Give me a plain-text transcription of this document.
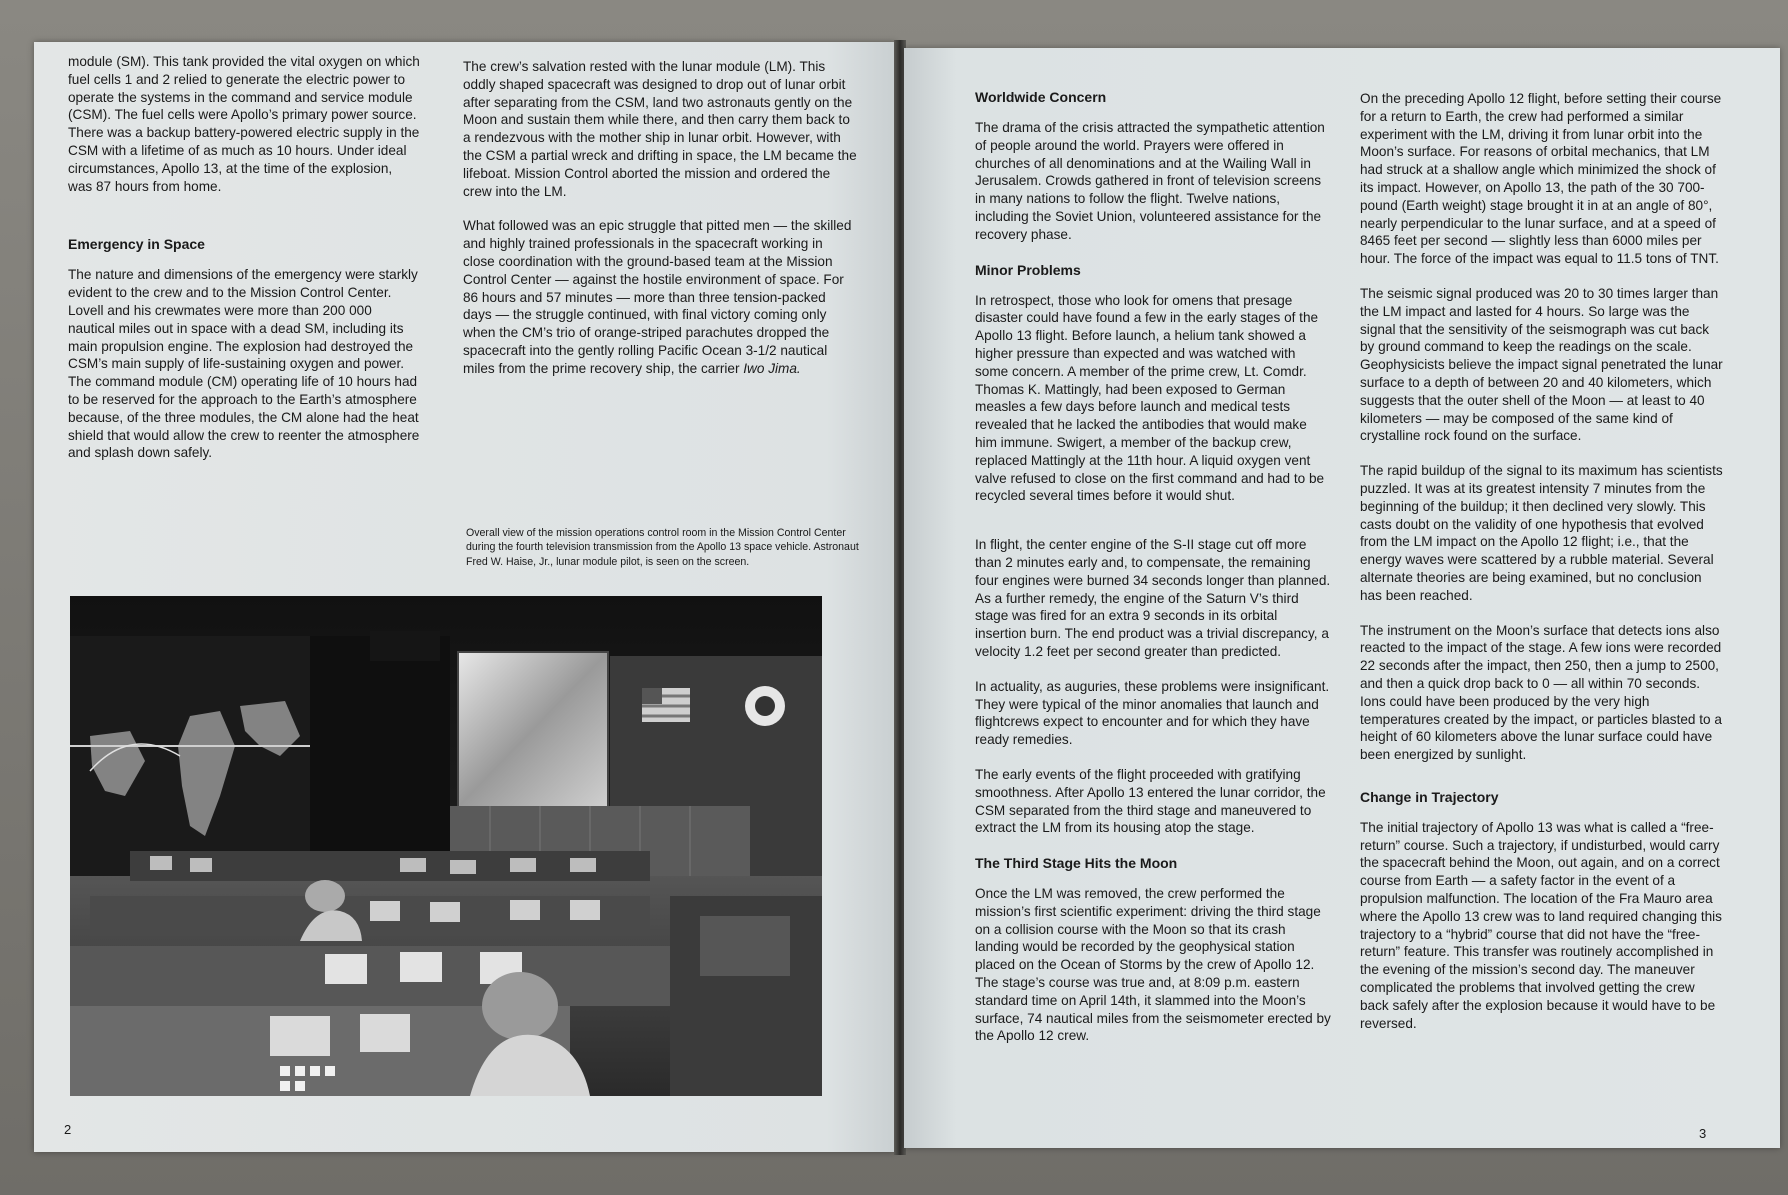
module (SM). This tank provided the vital oxygen on which fuel cells 1 and 2 relied to generate the electric power to operate the systems in the command and service module (CSM). The fuel cells were Apollo’s primary power source. There was a backup battery-powered electric supply in the CSM with a lifetime of as much as 10 hours. Under ideal circumstances, Apollo 13, at the time of the explosion, was 87 hours from home.

Emergency in Space

The nature and dimensions of the emergency were starkly evident to the crew and to the Mission Control Center. Lovell and his crewmates were more than 200 000 nautical miles out in space with a dead SM, including its main propulsion engine. The explosion had destroyed the CSM’s main supply of life-sustaining oxygen and power. The command module (CM) operating life of 10 hours had to be reserved for the approach to the Earth’s atmosphere because, of the three modules, the CM alone had the heat shield that would allow the crew to reenter the atmosphere and splash down safely.

The crew’s salvation rested with the lunar module (LM). This oddly shaped spacecraft was designed to drop out of lunar orbit after separating from the CSM, land two astronauts gently on the Moon and sustain them while there, and then carry them back to a rendezvous with the mother ship in lunar orbit. However, with the CSM a partial wreck and drifting in space, the LM became the lifeboat. Mission Control aborted the mission and ordered the crew into the LM.

What followed was an epic struggle that pitted men — the skilled and highly trained professionals in the spacecraft working in close coordination with the ground-based team at the Mission Control Center — against the hostile environment of space. For 86 hours and 57 minutes — more than three tension-packed days — the struggle continued, with final victory coming only when the CM’s trio of orange-striped parachutes dropped the spacecraft into the gently rolling Pacific Ocean 3-1/2 nautical miles from the prime recovery ship, the carrier Iwo Jima.

Overall view of the mission operations control room in the Mission Control Center during the fourth television transmission from the Apollo 13 space vehicle. Astronaut Fred W. Haise, Jr., lunar module pilot, is seen on the screen.
2
Worldwide Concern

The drama of the crisis attracted the sympathetic attention of people around the world. Prayers were offered in churches of all denominations and at the Wailing Wall in Jerusalem. Crowds gathered in front of television screens in many nations to follow the flight. Twelve nations, including the Soviet Union, volunteered assistance for the recovery phase.

Minor Problems

In retrospect, those who look for omens that presage disaster could have found a few in the early stages of the Apollo 13 flight. Before launch, a helium tank showed a higher pressure than expected and was watched with some concern. A member of the prime crew, Lt. Comdr. Thomas K. Mattingly, had been exposed to German measles a few days before launch and medical tests revealed that he lacked the antibodies that would make him immune. Swigert, a member of the backup crew, replaced Mattingly at the 11th hour. A liquid oxygen vent valve refused to close on the first command and had to be recycled several times before it would shut.

In flight, the center engine of the S-II stage cut off more than 2 minutes early and, to compensate, the remaining four engines were burned 34 seconds longer than planned. As a further remedy, the engine of the Saturn V’s third stage was fired for an extra 9 seconds in its orbital insertion burn. The end product was a trivial discrepancy, a velocity 1.2 feet per second greater than predicted.

In actuality, as auguries, these problems were insignificant. They were typical of the minor anomalies that launch and flightcrews expect to encounter and for which they have ready remedies.

The early events of the flight proceeded with gratifying smoothness. After Apollo 13 entered the lunar corridor, the CSM separated from the third stage and maneuvered to extract the LM from its housing atop the stage.

The Third Stage Hits the Moon

Once the LM was removed, the crew performed the mission’s first scientific experiment: driving the third stage on a collision course with the Moon so that its crash landing would be recorded by the geophysical station placed on the Ocean of Storms by the crew of Apollo 12. The stage’s course was true and, at 8:09 p.m. eastern standard time on April 14th, it slammed into the Moon’s surface, 74 nautical miles from the seismometer erected by the Apollo 12 crew.

On the preceding Apollo 12 flight, before setting their course for a return to Earth, the crew had performed a similar experiment with the LM, driving it from lunar orbit into the Moon’s surface. For reasons of orbital mechanics, that LM had struck at a shallow angle which minimized the shock of its impact. However, on Apollo 13, the path of the 30 700-pound (Earth weight) stage brought it in at an angle of 80°, nearly perpendicular to the lunar surface, and at a speed of 8465 feet per second — slightly less than 6000 miles per hour. The force of the impact was equal to 11.5 tons of TNT.

The seismic signal produced was 20 to 30 times larger than the LM impact and lasted for 4 hours. So large was the signal that the sensitivity of the seismograph was cut back by ground command to keep the readings on the scale. Geophysicists believe the impact signal penetrated the lunar surface to a depth of between 20 and 40 kilometers, which suggests that the outer shell of the Moon — at least to 40 kilometers — may be composed of the same kind of crystalline rock found on the surface.

The rapid buildup of the signal to its maximum has scientists puzzled. It was at its greatest intensity 7 minutes from the beginning of the buildup; it then declined very slowly. This casts doubt on the validity of one hypothesis that evolved from the LM impact on the Apollo 12 flight; i.e., that the energy waves were scattered by a rubble material. Several alternate theories are being examined, but no conclusion has been reached.

The instrument on the Moon’s surface that detects ions also reacted to the impact of the stage. A few ions were recorded 22 seconds after the impact, then 250, then a jump to 2500, and then a quick drop back to 0 — all within 70 seconds. Ions could have been produced by the very high temperatures created by the impact, or particles blasted to a height of 60 kilometers above the lunar surface could have been energized by sunlight.

Change in Trajectory

The initial trajectory of Apollo 13 was what is called a “free-return” course. Such a trajectory, if undisturbed, would carry the spacecraft behind the Moon, out again, and on a correct course from Earth — a safety factor in the event of a propulsion malfunction. The location of the Fra Mauro area where the Apollo 13 crew was to land required changing this trajectory to a “hybrid” course that did not have the “free-return” feature. This transfer was routinely accomplished in the evening of the mission’s second day. The maneuver complicated the problems that involved getting the crew back safely after the explosion because it would have to be reversed.

3
